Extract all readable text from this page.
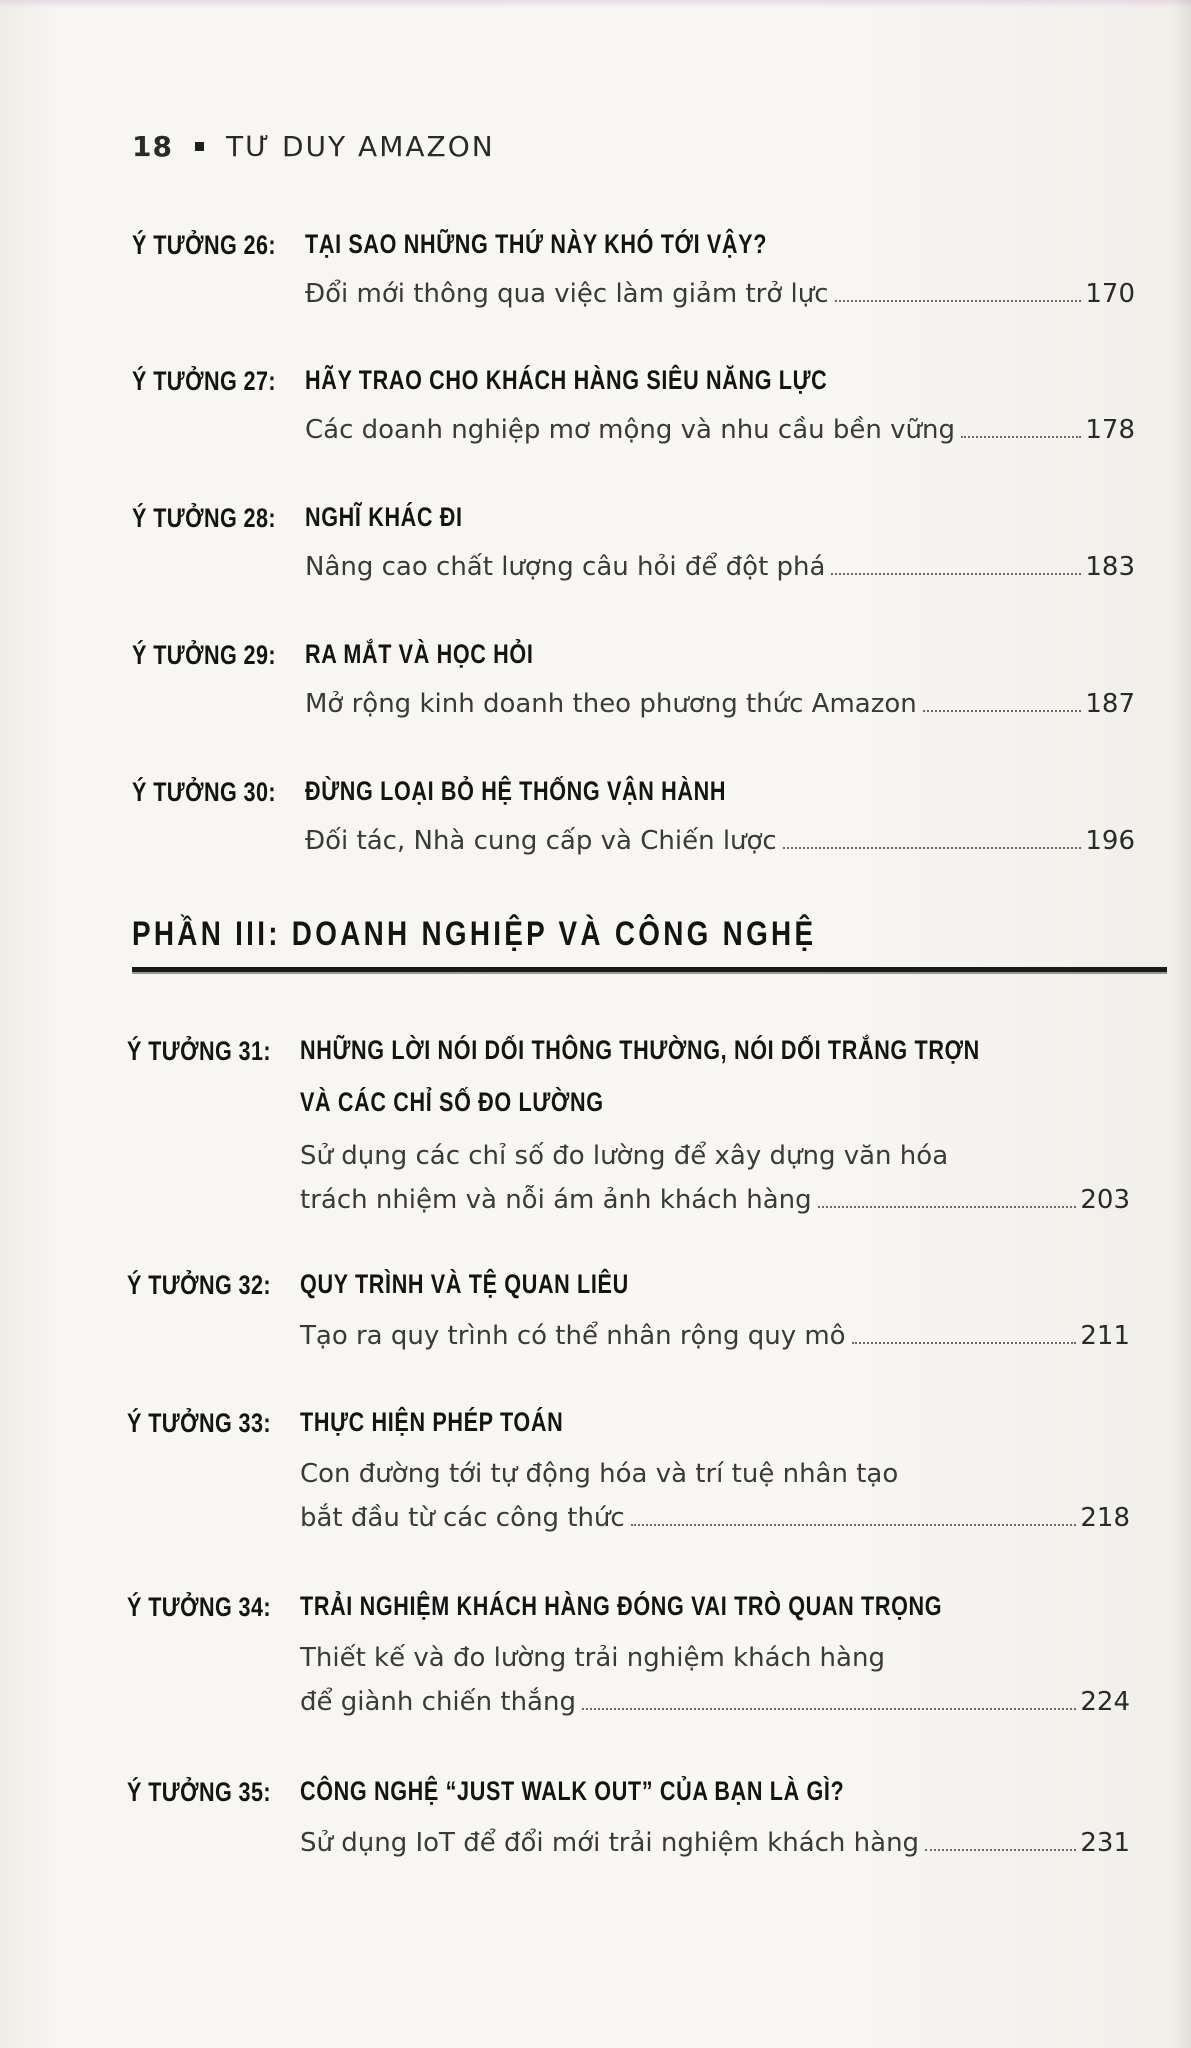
18 TƯ DUY AMAZON
Ý TƯỞNG 26: TẠI SAO NHỮNG THỨ NÀY KHÓ TỚI VẬY?
Đổi mới thông qua việc làm giảm trở lực	170
Ý TƯỞNG 27: HÃY TRAO CHO KHÁCH HÀNG SIÊU NĂNG LỰC
Các doanh nghiệp mơ mộng và nhu cầu bền vững	178
Ý TƯỞNG 28: NGHĨ KHÁC ĐI
Nâng cao chất lượng câu hỏi để đột phá	183
Ý TƯỞNG 29: RA MẮT VÀ HỌC HỎI
Mở rộng kinh doanh theo phương thức Amazon	187
Ý TƯỞNG 30: ĐỪNG LOẠI BỎ HỆ THỐNG VẬN HÀNH
Đối tác, Nhà cung cấp và Chiến lược	196
PHẦN III: DOANH NGHIỆP VÀ CÔNG NGHỆ
Ý TƯỞNG 31: NHỮNG LỜI NÓI DỐI THÔNG THƯỜNG, NÓI DỐI TRẮNG TRỢN
VÀ CÁC CHỈ SỐ ĐO LƯỜNG
Sử dụng các chỉ số đo lường để xây dựng văn hóa
trách nhiệm và nỗi ám ảnh khách hàng	203
Ý TƯỞNG 32: QUY TRÌNH VÀ TỆ QUAN LIÊU
Tạo ra quy trình có thể nhân rộng quy mô	211
Ý TƯỞNG 33: THỰC HIỆN PHÉP TOÁN
Con đường tới tự động hóa và trí tuệ nhân tạo
bắt đầu từ các công thức	218
Ý TƯỞNG 34: TRẢI NGHIỆM KHÁCH HÀNG ĐÓNG VAI TRÒ QUAN TRỌNG
Thiết kế và đo lường trải nghiệm khách hàng
để giành chiến thắng	224
Ý TƯỞNG 35: CÔNG NGHỆ “JUST WALK OUT” CỦA BẠN LÀ GÌ?
Sử dụng IoT để đổi mới trải nghiệm khách hàng	231
